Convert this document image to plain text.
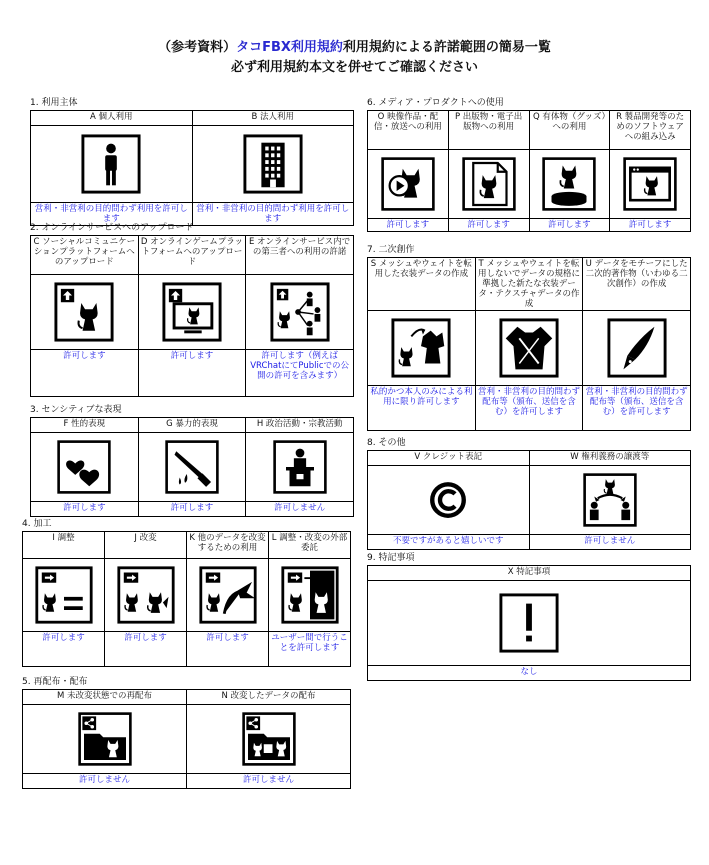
（参考資料）タコFBX利用規約利用規約による許諾範囲の簡易一覧
必ず利用規約本文を併せてご確認ください
1. 利用主体
A 個人利用	B 法人利用

営利・非営利の目的問わず利用を許可します	営利・非営利の目的問わず利用を許可します
2. オンラインサービスへのアップロード
C ソーシャルコミュニケーションプラットフォームへのアップロード	D オンラインゲームプラットフォームへのアップロード	E オンラインサービス内での第三者への利用の許諾

許可します	許可します	許可します（例えばVRChatにてPublicでの公開の許可を含みます）
3. センシティブな表現
F 性的表現	G 暴力的表現	H 政治活動・宗教活動

許可します	許可します	許可しません
4. 加工
I 調整	J 改変	K 他のデータを改変するための利用	L 調整・改変の外部委託

許可します	許可します	許可します	ユーザー間で行うことを許可します
5. 再配布・配布
M 未改変状態での再配布	N 改変したデータの配布

許可しません	許可しません
6. メディア・プロダクトへの使用
O 映像作品・配信・放送への利用	P 出版物・電子出版物への利用	Q 有体物（グッズ）への利用	R 製品開発等のためのソフトウェアへの組み込み

許可します	許可します	許可します	許可します
7. 二次創作
S メッシュやウェイトを転用した衣装データの作成	T メッシュやウェイトを転用しないでデータの規格に準拠した新たな衣装データ・テクスチャデータの作成	U データをモチーフにした二次的著作物（いわゆる二次創作）の作成

私的かつ本人のみによる利用に限り許可します	営利・非営利の目的問わず配布等（頒布、送信を含む）を許可します	営利・非営利の目的問わず配布等（頒布、送信を含む）を許可します
8. その他
V クレジット表記	W 権利義務の譲渡等

不要ですがあると嬉しいです	許可しません
9. 特記事項
X 特記事項

なし
